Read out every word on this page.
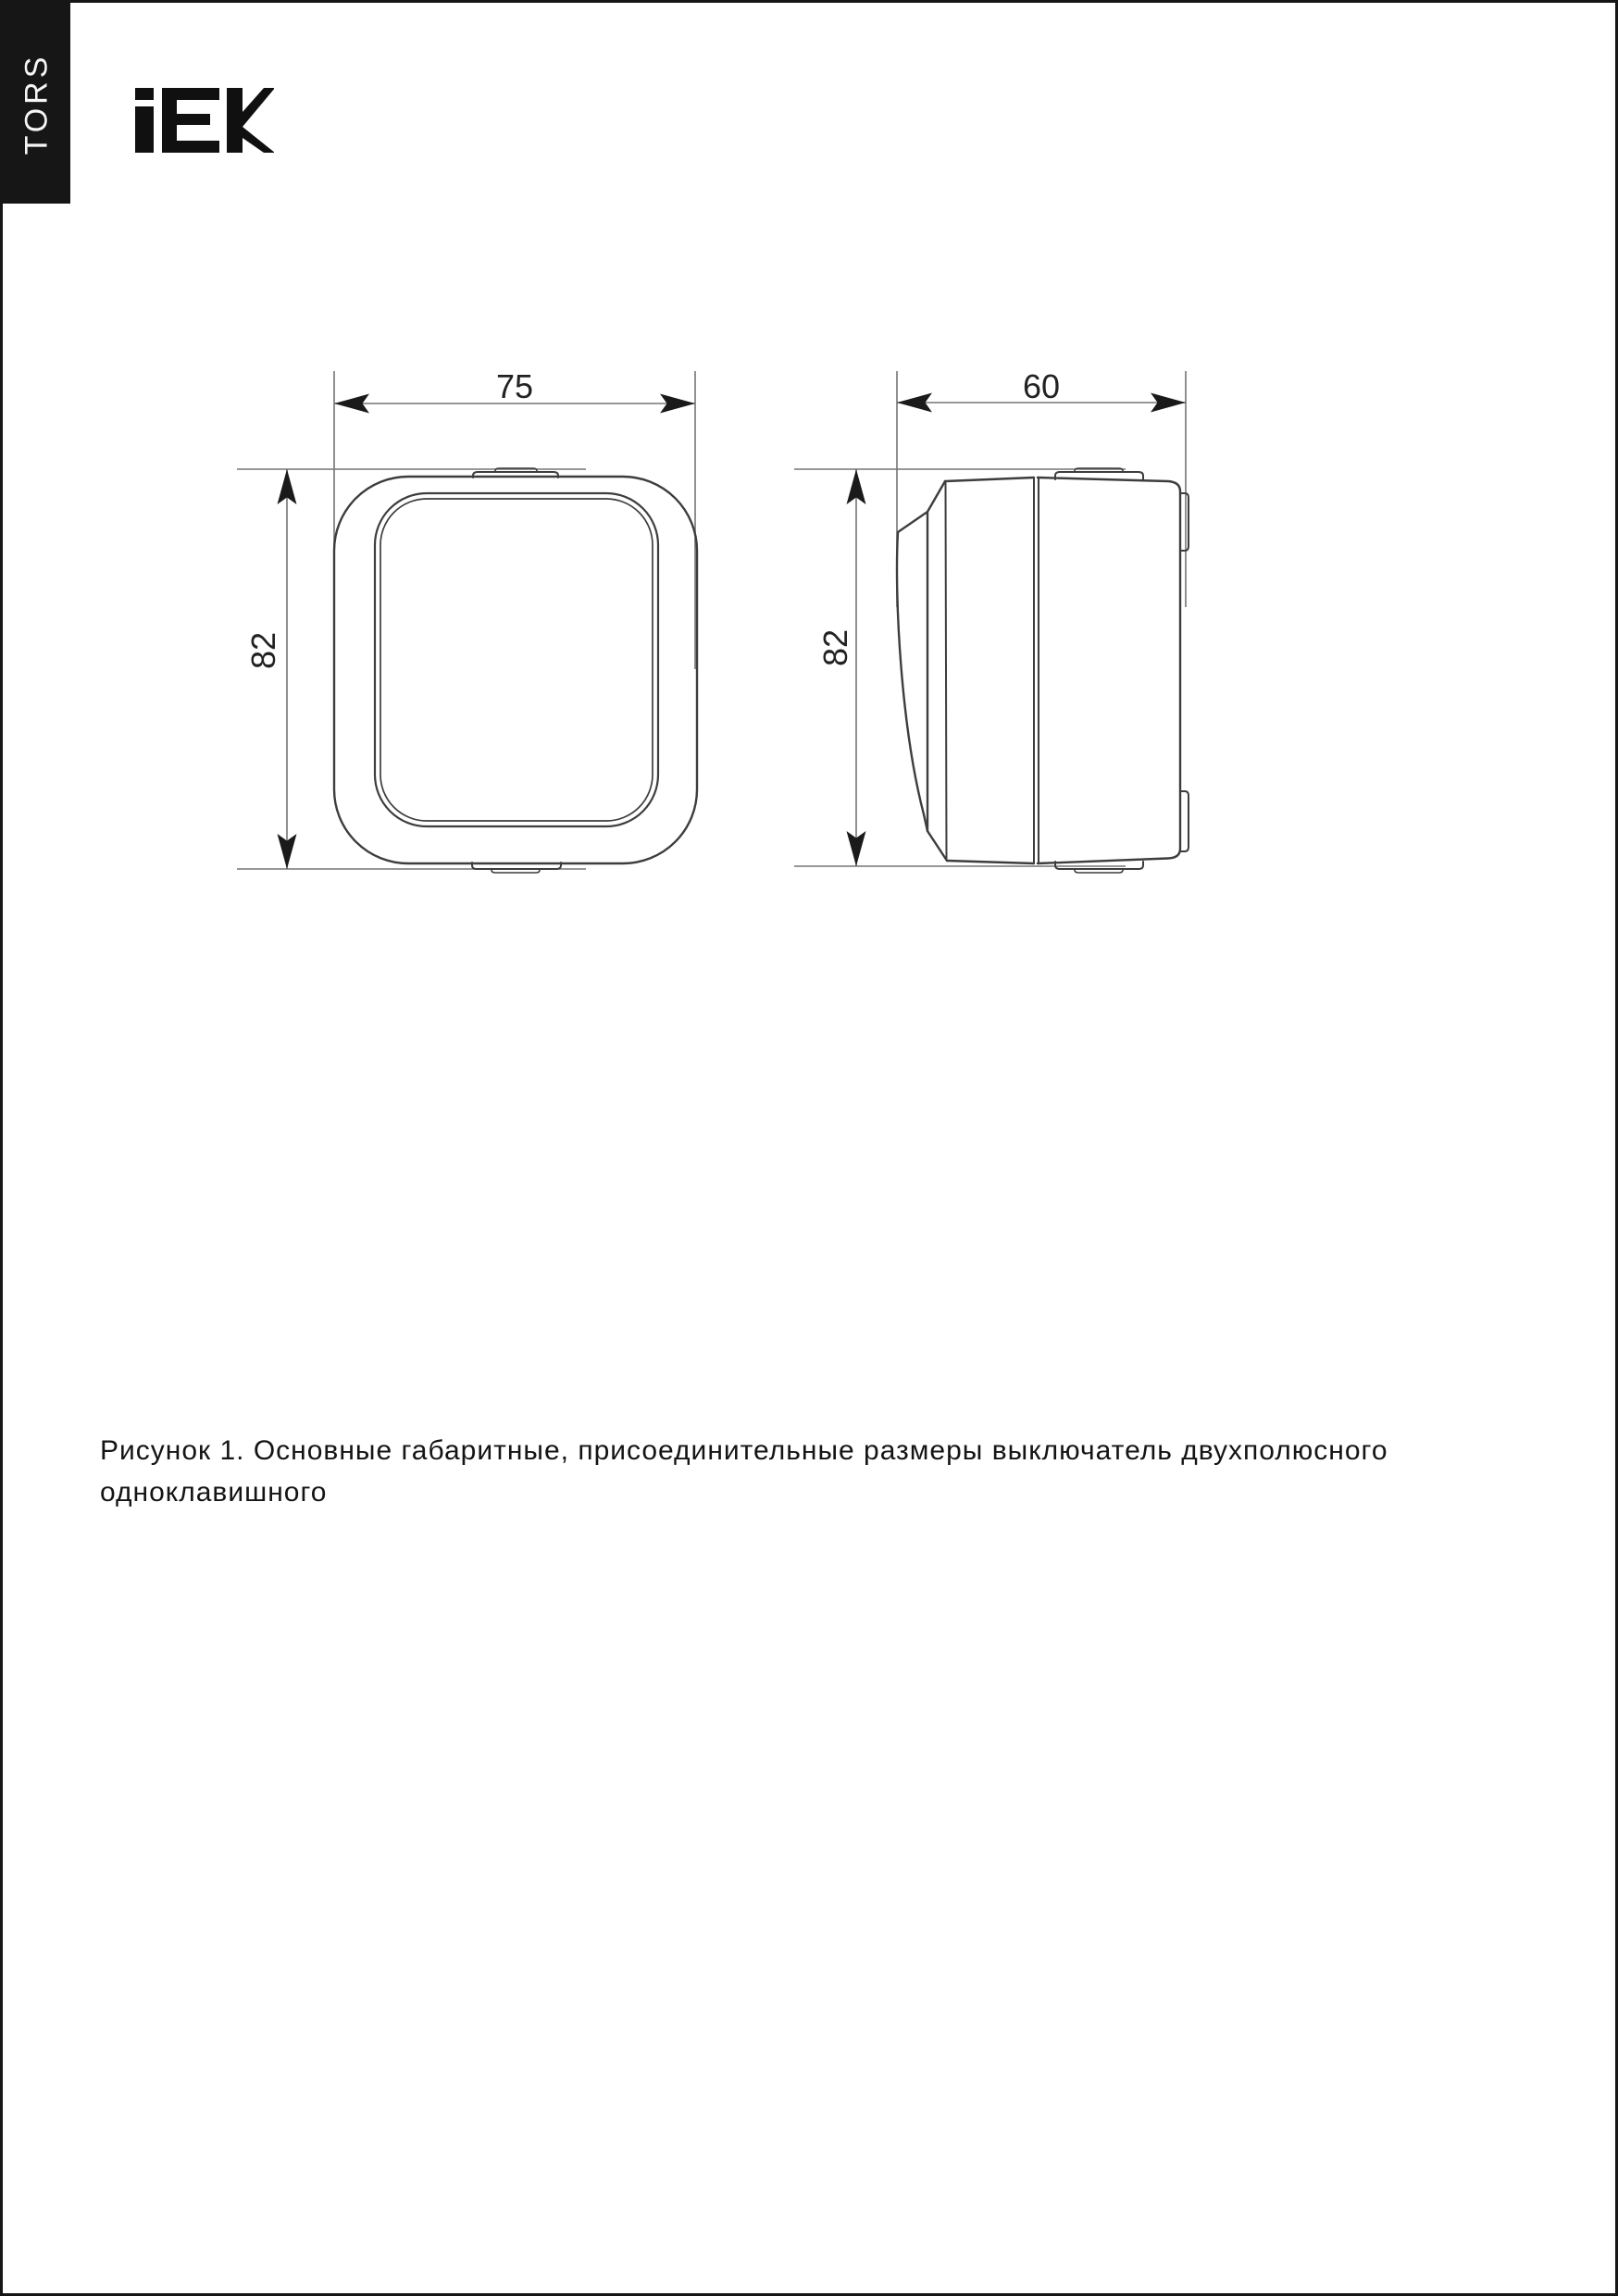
TORS
75
82
60
82
Рисунок 1. Основные габаритные, присоединительные размеры выключатель двухполюсного
одноклавишного
